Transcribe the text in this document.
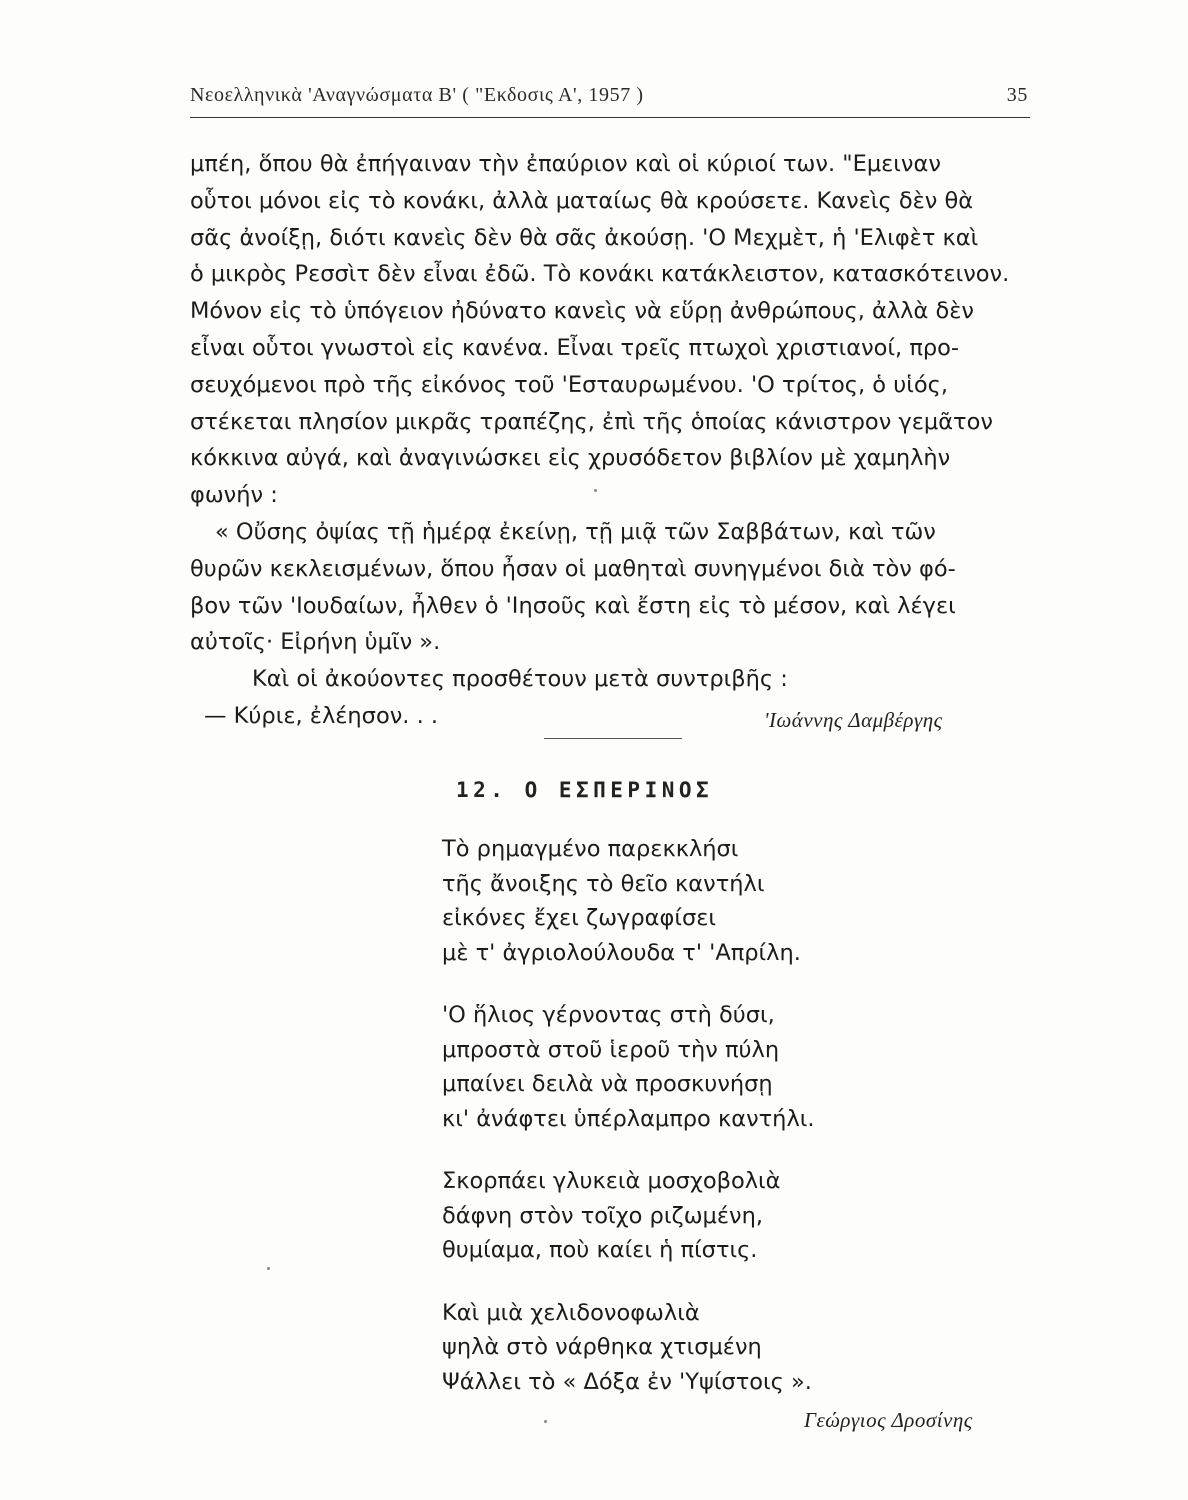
Νεοελληνικὰ 'Αναγνώσματα Β' ( "Εκδοσις Α', 1957 )	35
μπέη, ὅπου θὰ ἐπήγαιναν τὴν ἐπαύριον καὶ οἱ κύριοί των. "Εμειναν
οὗτοι μόνοι εἰς τὸ κονάκι, ἀλλὰ ματαίως θὰ κρούσετε. Κανεὶς δὲν θὰ
σᾶς ἀνοίξῃ, διότι κανεὶς δὲν θὰ σᾶς ἀκούσῃ. 'Ο Μεχμὲτ, ἡ 'Ελιφὲτ καὶ
ὁ μικρὸς Ρεσσὶτ δὲν εἶναι ἐδῶ. Τὸ κονάκι κατάκλειστον, κατασκότεινον.
Μόνον εἰς τὸ ὑπόγειον ἠδύνατο κανεὶς νὰ εὕρῃ ἀνθρώπους, ἀλλὰ δὲν
εἶναι οὗτοι γνωστοὶ εἰς κανένα. Εἶναι τρεῖς πτωχοὶ χριστιανοί, προ-
σευχόμενοι πρὸ τῆς εἰκόνος τοῦ 'Εσταυρωμένου. 'Ο τρίτος, ὁ υἱός,
στέκεται πλησίον μικρᾶς τραπέζης, ἐπὶ τῆς ὁποίας κάνιστρον γεμᾶτον
κόκκινα αὐγά, καὶ ἀναγινώσκει εἰς χρυσόδετον βιβλίον μὲ χαμηλὴν
φωνήν :
« Οὔσης ὀψίας τῇ ἡμέρᾳ ἐκείνῃ, τῇ μιᾷ τῶν Σαββάτων, καὶ τῶν
θυρῶν κεκλεισμένων, ὅπου ἦσαν οἱ μαθηταὶ συνηγμένοι διὰ τὸν φό-
βον τῶν 'Ιουδαίων, ἦλθεν ὁ 'Ιησοῦς καὶ ἔστη εἰς τὸ μέσον, καὶ λέγει
αὐτοῖς· Εἰρήνη ὑμῖν ».
Καὶ οἱ ἀκούοντες προσθέτουν μετὰ συντριβῆς :
— Κύριε, ἐλέησον. . .	'Ιωάννης Δαμβέργης
12. Ο ΕΣΠΕΡΙΝΟΣ
Τὸ ρημαγμένο παρεκκλήσι
τῆς ἄνοιξης τὸ θεῖο καντήλι
εἰκόνες ἔχει ζωγραφίσει
μὲ τ' ἀγριολούλουδα τ' 'Απρίλη.
'Ο ἥλιος γέρνοντας στὴ δύσι,
μπροστὰ στοῦ ἱεροῦ τὴν πύλη
μπαίνει δειλὰ νὰ προσκυνήσῃ
κι' ἀνάφτει ὑπέρλαμπρο καντήλι.
Σκορπάει γλυκειὰ μοσχοβολιὰ
δάφνη στὸν τοῖχο ριζωμένη,
θυμίαμα, ποὺ καίει ἡ πίστις.
Καὶ μιὰ χελιδονοφωλιὰ
ψηλὰ στὸ νάρθηκα χτισμένη
Ψάλλει τὸ « Δόξα ἐν 'Υψίστοις ».
Γεώργιος Δροσίνης
